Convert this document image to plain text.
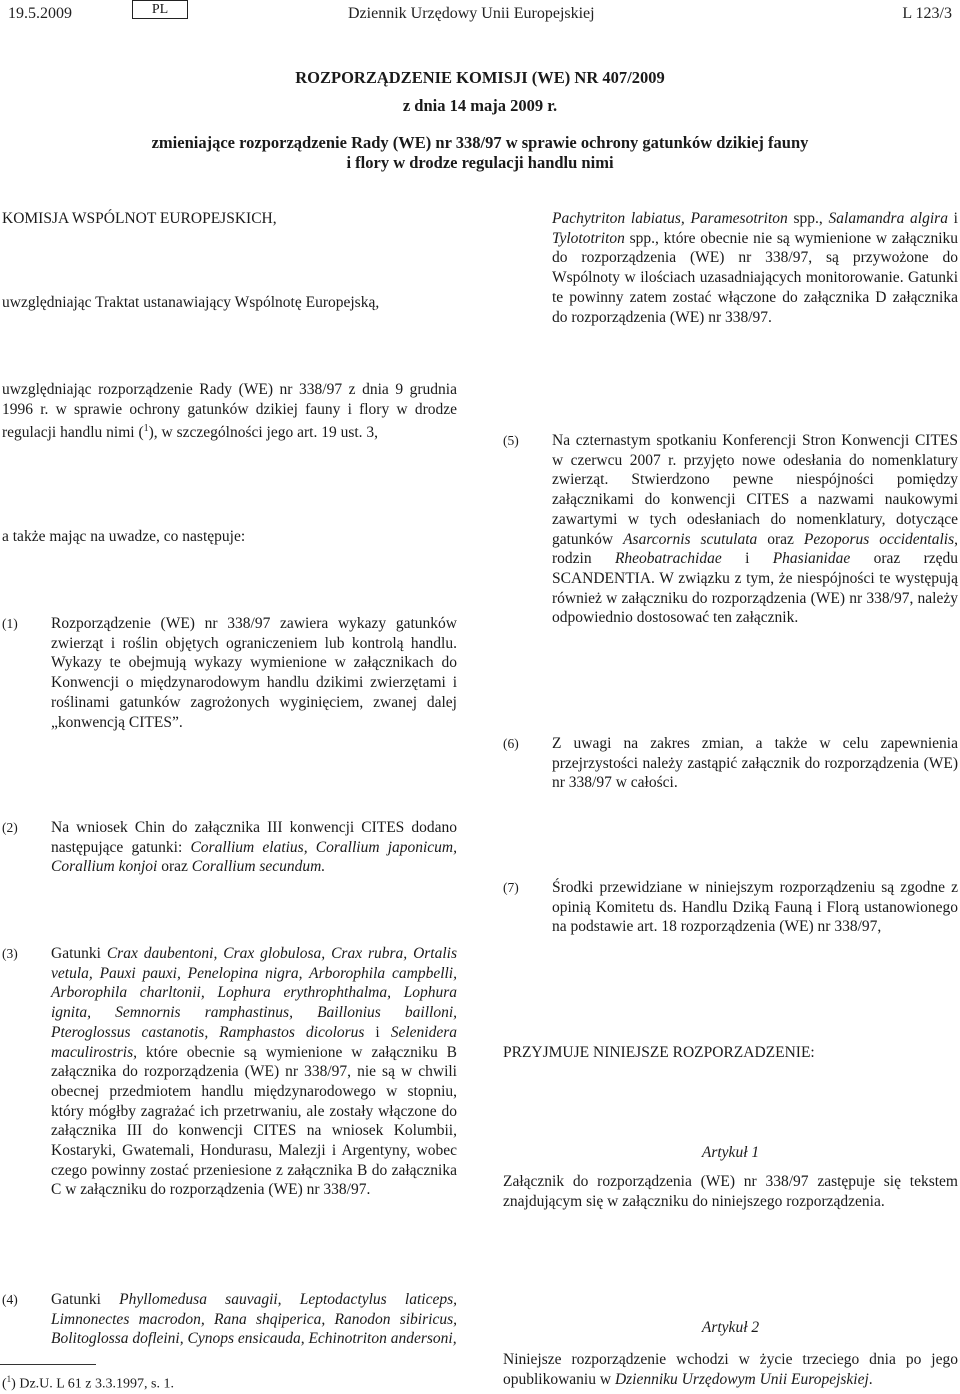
19.5.2009	PL	Dziennik Urzędowy Unii Europejskiej	L 123/3
ROZPORZĄDZENIE KOMISJI (WE) NR 407/2009
z dnia 14 maja 2009 r.
zmieniające rozporządzenie Rady (WE) nr 338/97 w sprawie ochrony gatunków dzikiej fauny
i flory w drodze regulacji handlu nimi
KOMISJA WSPÓLNOT EUROPEJSKICH,
uwzględniając Traktat ustanawiający Wspólnotę Europejską,
uwzględniając rozporządzenie Rady (WE) nr 338/97 z dnia 9 grudnia 1996 r. w sprawie ochrony gatunków dzikiej fauny i flory w drodze regulacji handlu nimi ($^1$), w szczególności jego art. 19 ust. 3,
a także mając na uwadze, co następuje:
(1) Rozporządzenie (WE) nr 338/97 zawiera wykazy gatunków zwierząt i roślin objętych ograniczeniem lub kontrolą handlu. Wykazy te obejmują wykazy wymienione w załącznikach do Konwencji o międzynarodowym handlu dzikimi zwierzętami i roślinami gatunków zagrożonych wyginięciem, zwanej dalej „konwencją CITES”.

(2) Na wniosek Chin do załącznika III konwencji CITES dodano następujące gatunki: Corallium elatius, Corallium japonicum, Corallium konjoi oraz Corallium secundum.

(3) Gatunki Crax daubentoni, Crax globulosa, Crax rubra, Ortalis vetula, Pauxi pauxi, Penelopina nigra, Arborophila campbelli, Arborophila charltonii, Lophura erythrophthalma, Lophura ignita, Semnornis ramphastinus, Baillonius bailloni, Pteroglossus castanotis, Ramphastos dicolorus i Selenidera maculirostris, które obecnie są wymienione w załączniku B załącznika do rozporządzenia (WE) nr 338/97, nie są w chwili obecnej przedmiotem handlu międzynarodowego w stopniu, który mógłby zagrażać ich przetrwaniu, ale zostały włączone do załącznika III do konwencji CITES na wniosek Kolumbii, Kostaryki, Gwatemali, Hondurasu, Malezji i Argentyny, wobec czego powinny zostać przeniesione z załącznika B do załącznika C w załączniku do rozporządzenia (WE) nr 338/97.

(4) Gatunki Phyllomedusa sauvagii, Leptodactylus laticeps, Limnonectes macrodon, Rana shqiperica, Ranodon sibiricus, Bolitoglossa dofleini, Cynops ensicauda, Echinotriton andersoni,

($^1$) Dz.U. L 61 z 3.3.1997, s. 1.

Pachytriton labiatus, Paramesotriton spp., Salamandra algira i Tylototriton spp., które obecnie nie są wymienione w załączniku do rozporządzenia (WE) nr 338/97, są przywożone do Wspólnoty w ilościach uzasadniających monitorowanie. Gatunki te powinny zatem zostać włączone do załącznika D załącznika do rozporządzenia (WE) nr 338/97.

(5) Na czternastym spotkaniu Konferencji Stron Konwencji CITES w czerwcu 2007 r. przyjęto nowe odesłania do nomenklatury zwierząt. Stwierdzono pewne niespójności pomiędzy załącznikami do konwencji CITES a nazwami naukowymi zawartymi w tych odesłaniach do nomenklatury, dotyczące gatunków Asarcornis scutulata oraz Pezoporus occidentalis, rodzin Rheobatrachidae i Phasianidae oraz rzędu SCANDENTIA. W związku z tym, że niespójności te występują również w załączniku do rozporządzenia (WE) nr 338/97, należy odpowiednio dostosować ten załącznik.

(6) Z uwagi na zakres zmian, a także w celu zapewnienia przejrzystości należy zastąpić załącznik do rozporządzenia (WE) nr 338/97 w całości.

(7) Środki przewidziane w niniejszym rozporządzeniu są zgodne z opinią Komitetu ds. Handlu Dziką Fauną i Florą ustanowionego na podstawie art. 18 rozporządzenia (WE) nr 338/97,

PRZYJMUJE NINIEJSZE ROZPORZADZENIE:
Artykuł 1
Załącznik do rozporządzenia (WE) nr 338/97 zastępuje się tekstem znajdującym się w załączniku do niniejszego rozporządzenia.
Artykuł 2
Niniejsze rozporządzenie wchodzi w życie trzeciego dnia po jego opublikowaniu w Dzienniku Urzędowym Unii Europejskiej.
